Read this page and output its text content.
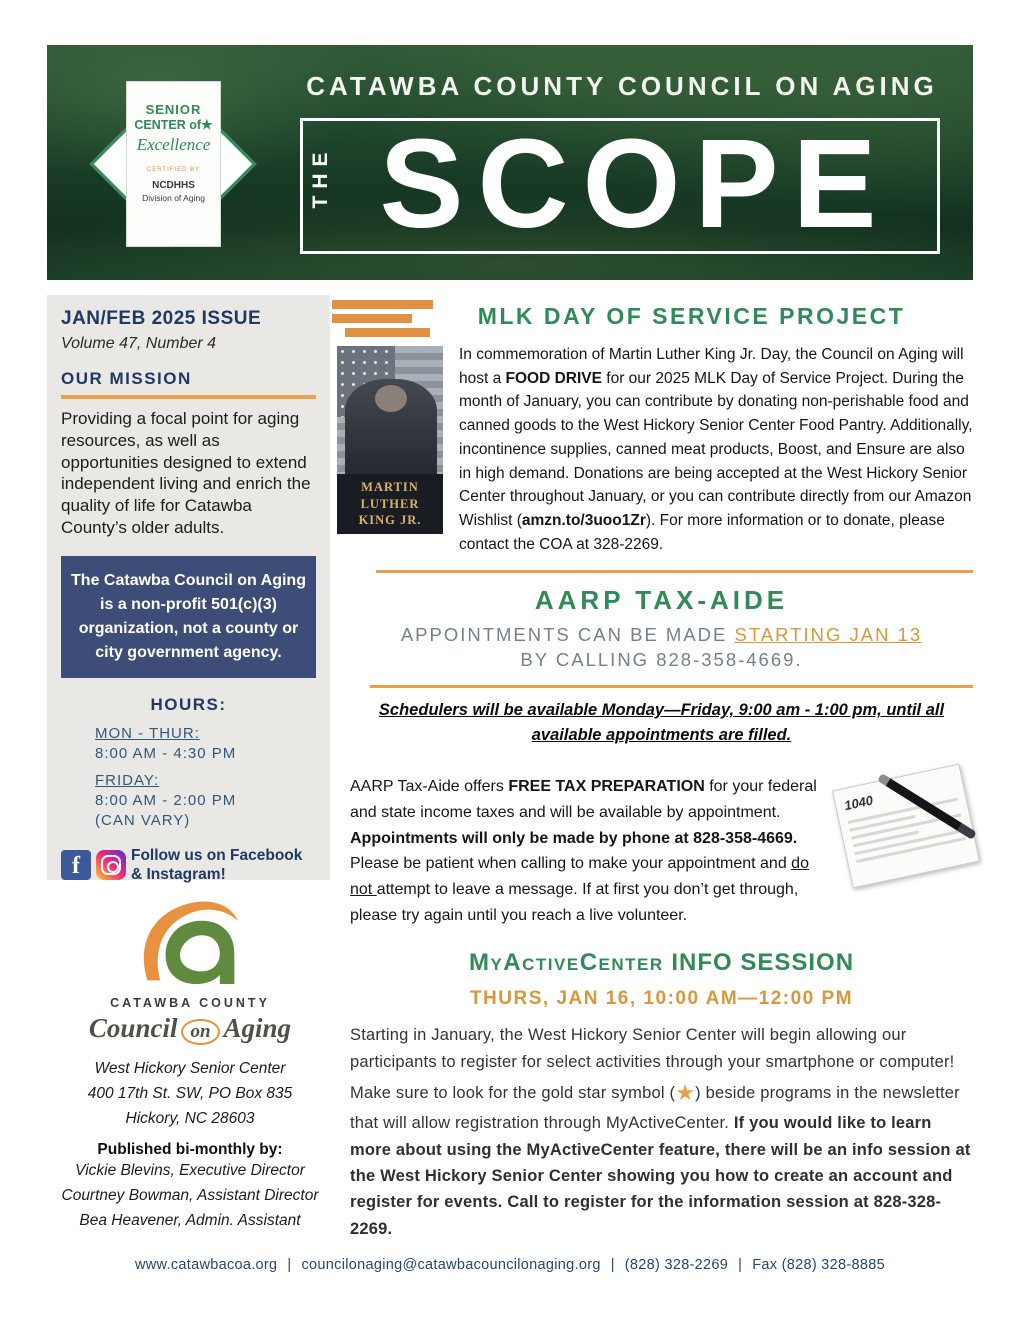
CATAWBA COUNTY COUNCIL ON AGING
SENIOR
CENTER of★
Excellence
CERTIFIED BY
NCDHHS
Division of Aging	THE SCOPE
JAN/FEB 2025 ISSUE
Volume 47, Number 4
OUR MISSION
Providing a focal point for aging resources, as well as opportunities designed to extend independent living and enrich the quality of life for Catawba County’s older adults.
The Catawba Council on Aging is a non-profit 501(c)(3) organization, not a county or city government agency.
HOURS:
MON - THUR:
8:00 AM - 4:30 PM
FRIDAY:
8:00 AM - 2:00 PM
(CAN VARY)
f	Follow us on Facebook
& Instagram!
CATAWBA COUNTY
Council on Aging
West Hickory Senior Center
400 17th St. SW, PO Box 835
Hickory, NC 28603
Published bi-monthly by:
Vickie Blevins, Executive Director
Courtney Bowman, Assistant Director
Bea Heavener, Admin. Assistant
MLK DAY OF SERVICE PROJECT
MARTIN
LUTHER
KING JR.
In commemoration of Martin Luther King Jr. Day, the Council on Aging will host a FOOD DRIVE for our 2025 MLK Day of Service Project. During the month of January, you can contribute by donating non-perishable food and canned goods to the West Hickory Senior Center Food Pantry. Additionally, incontinence supplies, canned meat products, Boost, and Ensure are also in high demand. Donations are being accepted at the West Hickory Senior Center throughout January, or you can contribute directly from our Amazon Wishlist (amzn.to/3uoo1Zr). For more information or to donate, please contact the COA at 328-2269.
AARP TAX-AIDE
APPOINTMENTS CAN BE MADE STARTING JAN 13
BY CALLING 828-358-4669.
Schedulers will be available Monday—Friday, 9:00 am - 1:00 pm, until all available appointments are filled.
1040
AARP Tax-Aide offers FREE TAX PREPARATION for your federal and state income taxes and will be available by appointment. Appointments will only be made by phone at 828-358-4669. Please be patient when calling to make your appointment and do not attempt to leave a message. If at first you don’t get through, please try again until you reach a live volunteer.
MyActiveCenter INFO SESSION
THURS, JAN 16, 10:00 AM—12:00 PM
Starting in January, the West Hickory Senior Center will begin allowing our participants to register for select activities through your smartphone or computer! Make sure to look for the gold star symbol (★) beside programs in the newsletter that will allow registration through MyActiveCenter. If you would like to learn more about using the MyActiveCenter feature, there will be an info session at the West Hickory Senior Center showing you how to create an account and register for events. Call to register for the information session at 828-328-2269.
www.catawbacoa.org | councilonaging@catawbacouncilonaging.org | (828) 328-2269 | Fax (828) 328-8885
